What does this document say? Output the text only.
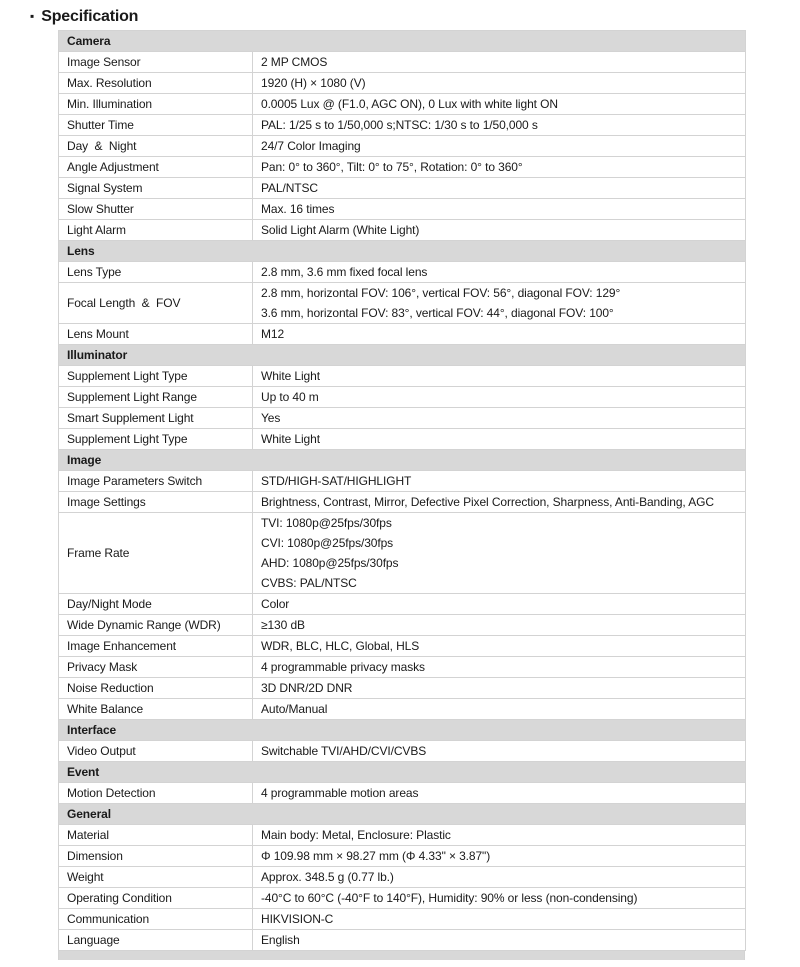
▪ Specification
Camera	

Image Sensor	2 MP CMOS

Max. Resolution	1920 (H) × 1080 (V)

Min. Illumination	0.0005 Lux @ (F1.0, AGC ON), 0 Lux with white light ON

Shutter Time	PAL: 1/25 s to 1/50,000 s;NTSC: 1/30 s to 1/50,000 s

Day  &  Night	24/7 Color Imaging

Angle Adjustment	Pan: 0° to 360°, Tilt: 0° to 75°, Rotation: 0° to 360°

Signal System	PAL/NTSC

Slow Shutter	Max. 16 times

Light Alarm	Solid Light Alarm (White Light)

Lens	

Lens Type	2.8 mm, 3.6 mm fixed focal lens

Focal Length  &  FOV	2.8 mm, horizontal FOV: 106°, vertical FOV: 56°, diagonal FOV: 129°
3.6 mm, horizontal FOV: 83°, vertical FOV: 44°, diagonal FOV: 100°

Lens Mount	M12

Illuminator	

Supplement Light Type	White Light

Supplement Light Range	Up to 40 m

Smart Supplement Light	Yes

Supplement Light Type	White Light

Image	

Image Parameters Switch	STD/HIGH-SAT/HIGHLIGHT

Image Settings	Brightness, Contrast, Mirror, Defective Pixel Correction, Sharpness, Anti-Banding, AGC

Frame Rate	TVI: 1080p@25fps/30fps
CVI: 1080p@25fps/30fps
AHD: 1080p@25fps/30fps
CVBS: PAL/NTSC

Day/Night Mode	Color

Wide Dynamic Range (WDR)	≥130 dB

Image Enhancement	WDR, BLC, HLC, Global, HLS

Privacy Mask	4 programmable privacy masks

Noise Reduction	3D DNR/2D DNR

White Balance	Auto/Manual

Interface	

Video Output	Switchable TVI/AHD/CVI/CVBS

Event	

Motion Detection	4 programmable motion areas

General	

Material	Main body: Metal, Enclosure: Plastic

Dimension	Φ 109.98 mm × 98.27 mm (Φ 4.33" × 3.87")

Weight	Approx. 348.5 g (0.77 lb.)

Operating Condition	-40°C to 60°C (-40°F to 140°F), Humidity: 90% or less (non-condensing)

Communication	HIKVISION-C

Language	English
